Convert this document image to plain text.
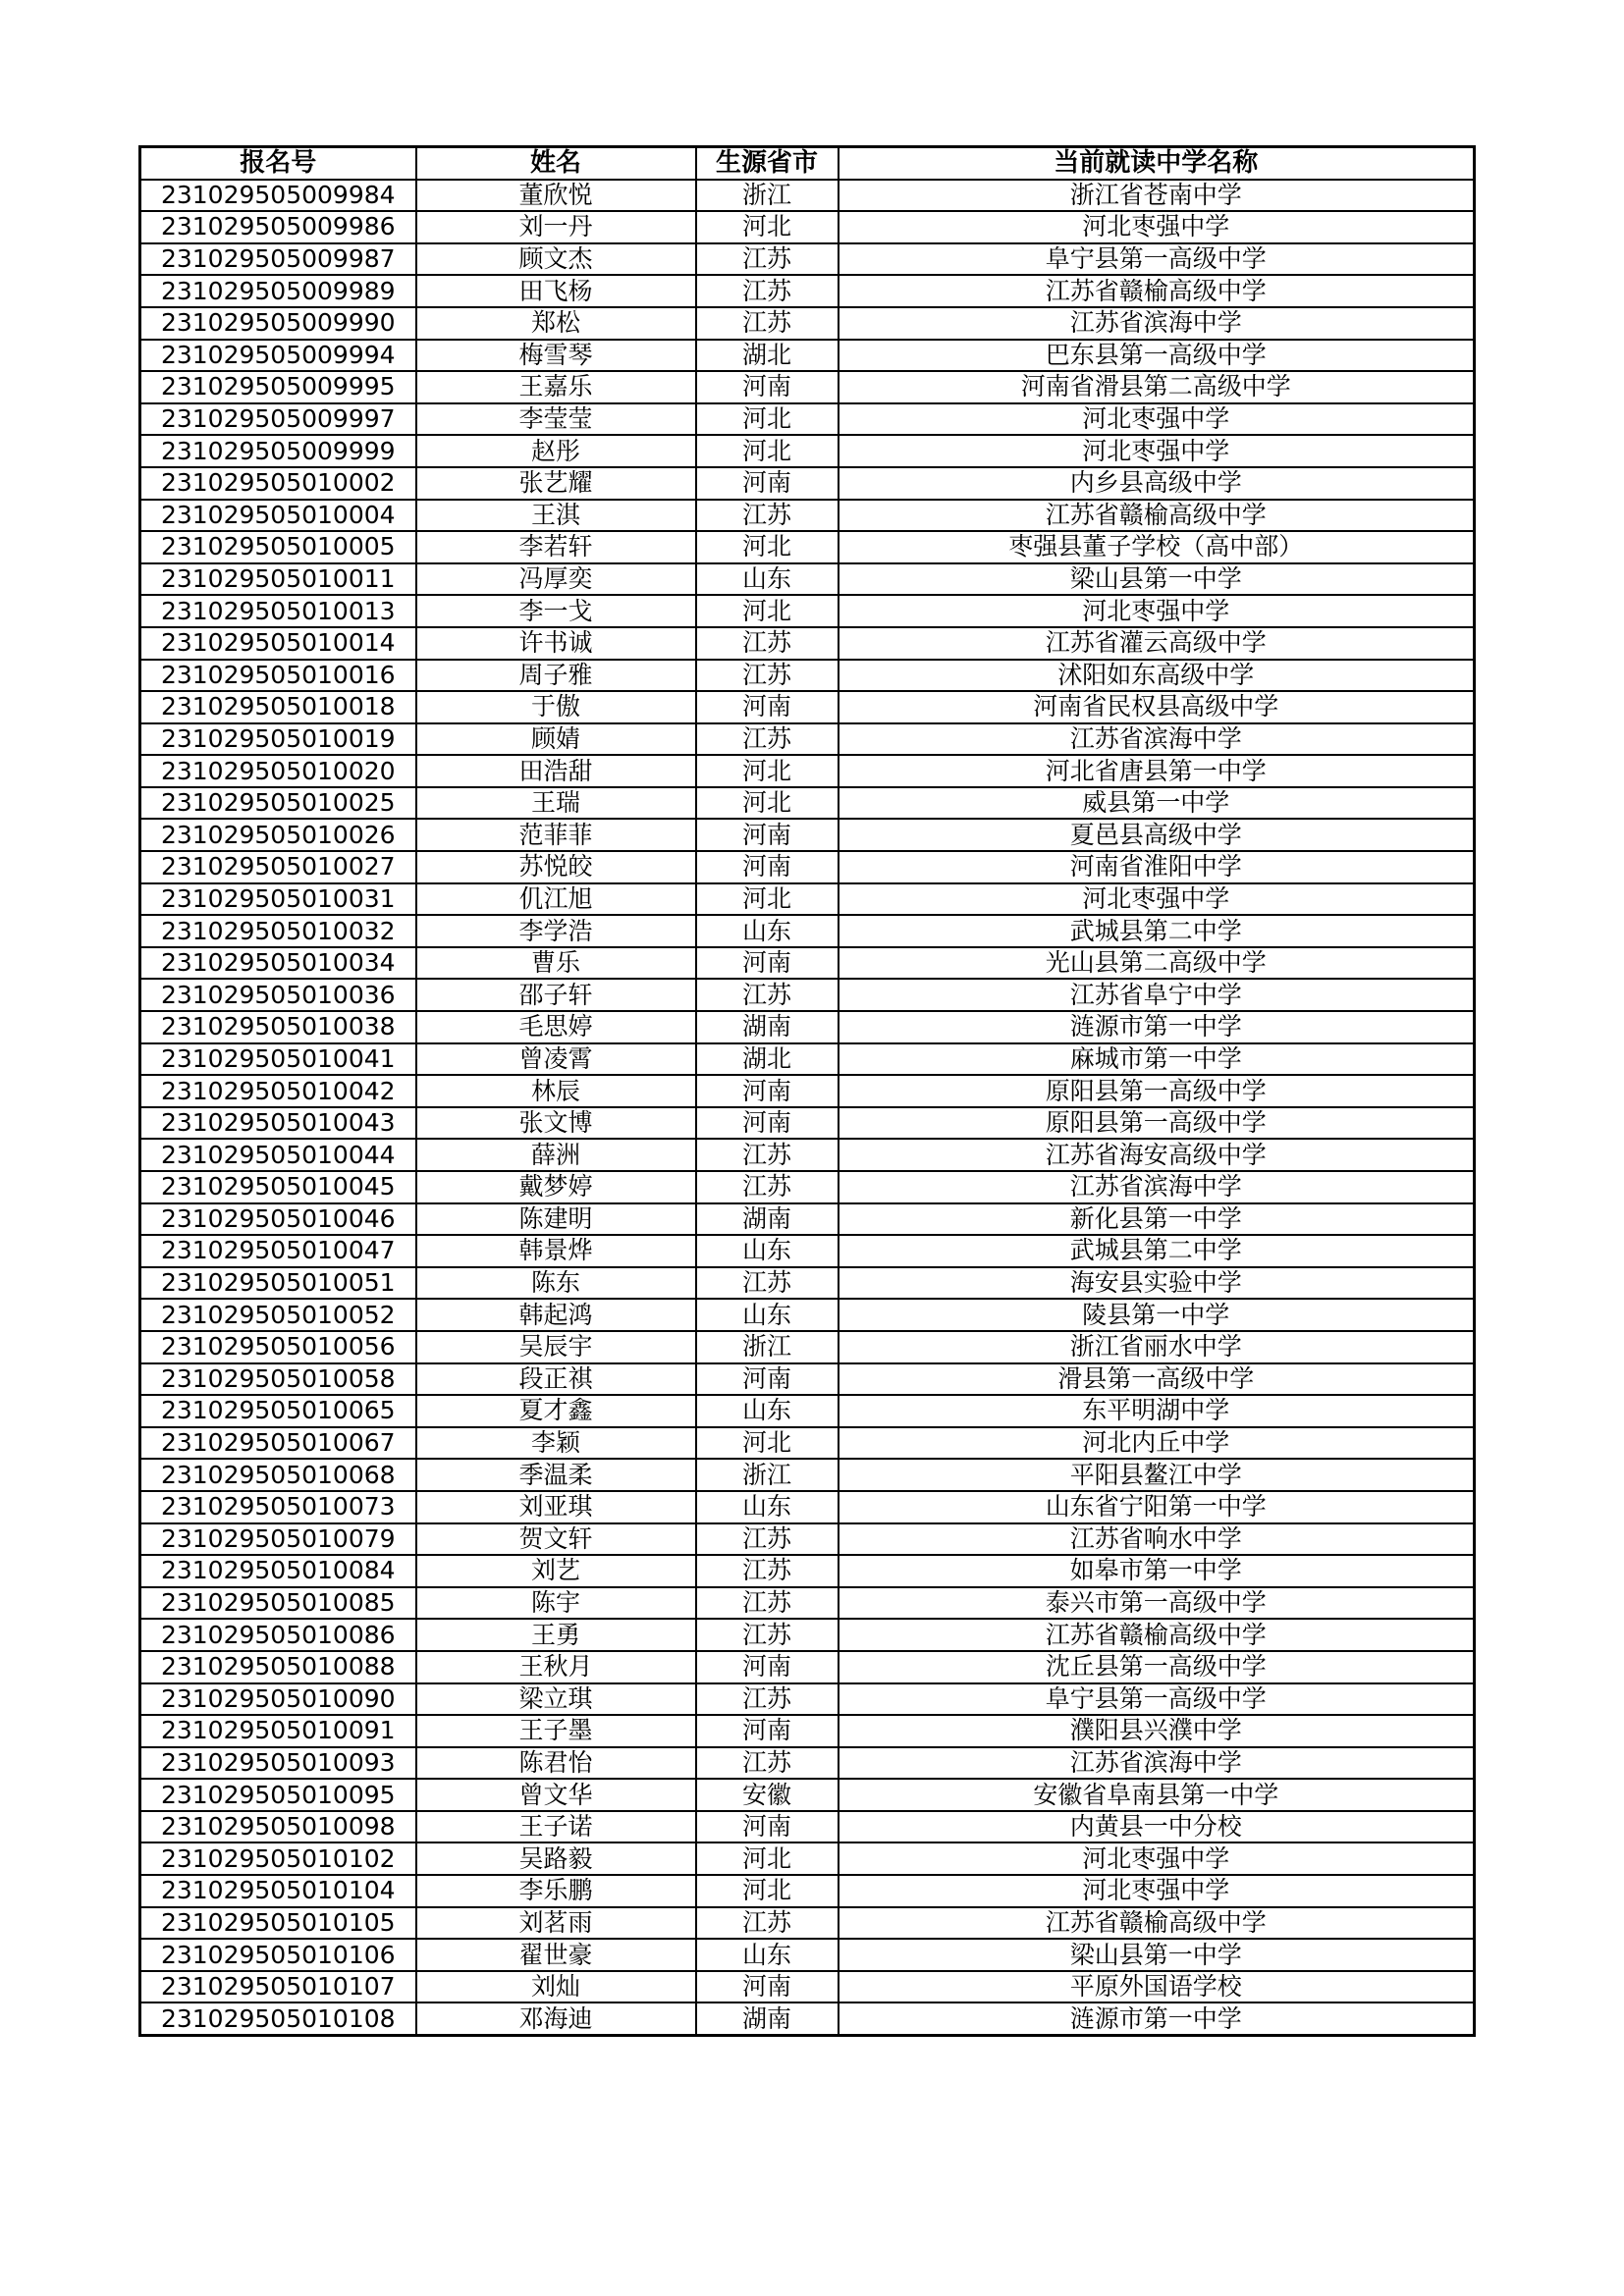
报名号	姓名	生源省市	当前就读中学名称
231029505009984	董欣悦	浙江	浙江省苍南中学
231029505009986	刘一丹	河北	河北枣强中学
231029505009987	顾文杰	江苏	阜宁县第一高级中学
231029505009989	田飞杨	江苏	江苏省赣榆高级中学
231029505009990	郑松	江苏	江苏省滨海中学
231029505009994	梅雪琴	湖北	巴东县第一高级中学
231029505009995	王嘉乐	河南	河南省滑县第二高级中学
231029505009997	李莹莹	河北	河北枣强中学
231029505009999	赵彤	河北	河北枣强中学
231029505010002	张艺耀	河南	内乡县高级中学
231029505010004	王淇	江苏	江苏省赣榆高级中学
231029505010005	李若轩	河北	枣强县董子学校（高中部）
231029505010011	冯厚奕	山东	梁山县第一中学
231029505010013	李一戈	河北	河北枣强中学
231029505010014	许书诚	江苏	江苏省灌云高级中学
231029505010016	周子雅	江苏	沭阳如东高级中学
231029505010018	于傲	河南	河南省民权县高级中学
231029505010019	顾婧	江苏	江苏省滨海中学
231029505010020	田浩甜	河北	河北省唐县第一中学
231029505010025	王瑞	河北	威县第一中学
231029505010026	范菲菲	河南	夏邑县高级中学
231029505010027	苏悦皎	河南	河南省淮阳中学
231029505010031	仉江旭	河北	河北枣强中学
231029505010032	李学浩	山东	武城县第二中学
231029505010034	曹乐	河南	光山县第二高级中学
231029505010036	邵子轩	江苏	江苏省阜宁中学
231029505010038	毛思婷	湖南	涟源市第一中学
231029505010041	曾凌霄	湖北	麻城市第一中学
231029505010042	林辰	河南	原阳县第一高级中学
231029505010043	张文博	河南	原阳县第一高级中学
231029505010044	薛洲	江苏	江苏省海安高级中学
231029505010045	戴梦婷	江苏	江苏省滨海中学
231029505010046	陈建明	湖南	新化县第一中学
231029505010047	韩景烨	山东	武城县第二中学
231029505010051	陈东	江苏	海安县实验中学
231029505010052	韩起鸿	山东	陵县第一中学
231029505010056	吴辰宇	浙江	浙江省丽水中学
231029505010058	段正祺	河南	滑县第一高级中学
231029505010065	夏才鑫	山东	东平明湖中学
231029505010067	李颖	河北	河北内丘中学
231029505010068	季温柔	浙江	平阳县鳌江中学
231029505010073	刘亚琪	山东	山东省宁阳第一中学
231029505010079	贺文轩	江苏	江苏省响水中学
231029505010084	刘艺	江苏	如皋市第一中学
231029505010085	陈宇	江苏	泰兴市第一高级中学
231029505010086	王勇	江苏	江苏省赣榆高级中学
231029505010088	王秋月	河南	沈丘县第一高级中学
231029505010090	梁立琪	江苏	阜宁县第一高级中学
231029505010091	王子墨	河南	濮阳县兴濮中学
231029505010093	陈君怡	江苏	江苏省滨海中学
231029505010095	曾文华	安徽	安徽省阜南县第一中学
231029505010098	王子诺	河南	内黄县一中分校
231029505010102	吴路毅	河北	河北枣强中学
231029505010104	李乐鹏	河北	河北枣强中学
231029505010105	刘茗雨	江苏	江苏省赣榆高级中学
231029505010106	翟世豪	山东	梁山县第一中学
231029505010107	刘灿	河南	平原外国语学校
231029505010108	邓海迪	湖南	涟源市第一中学
